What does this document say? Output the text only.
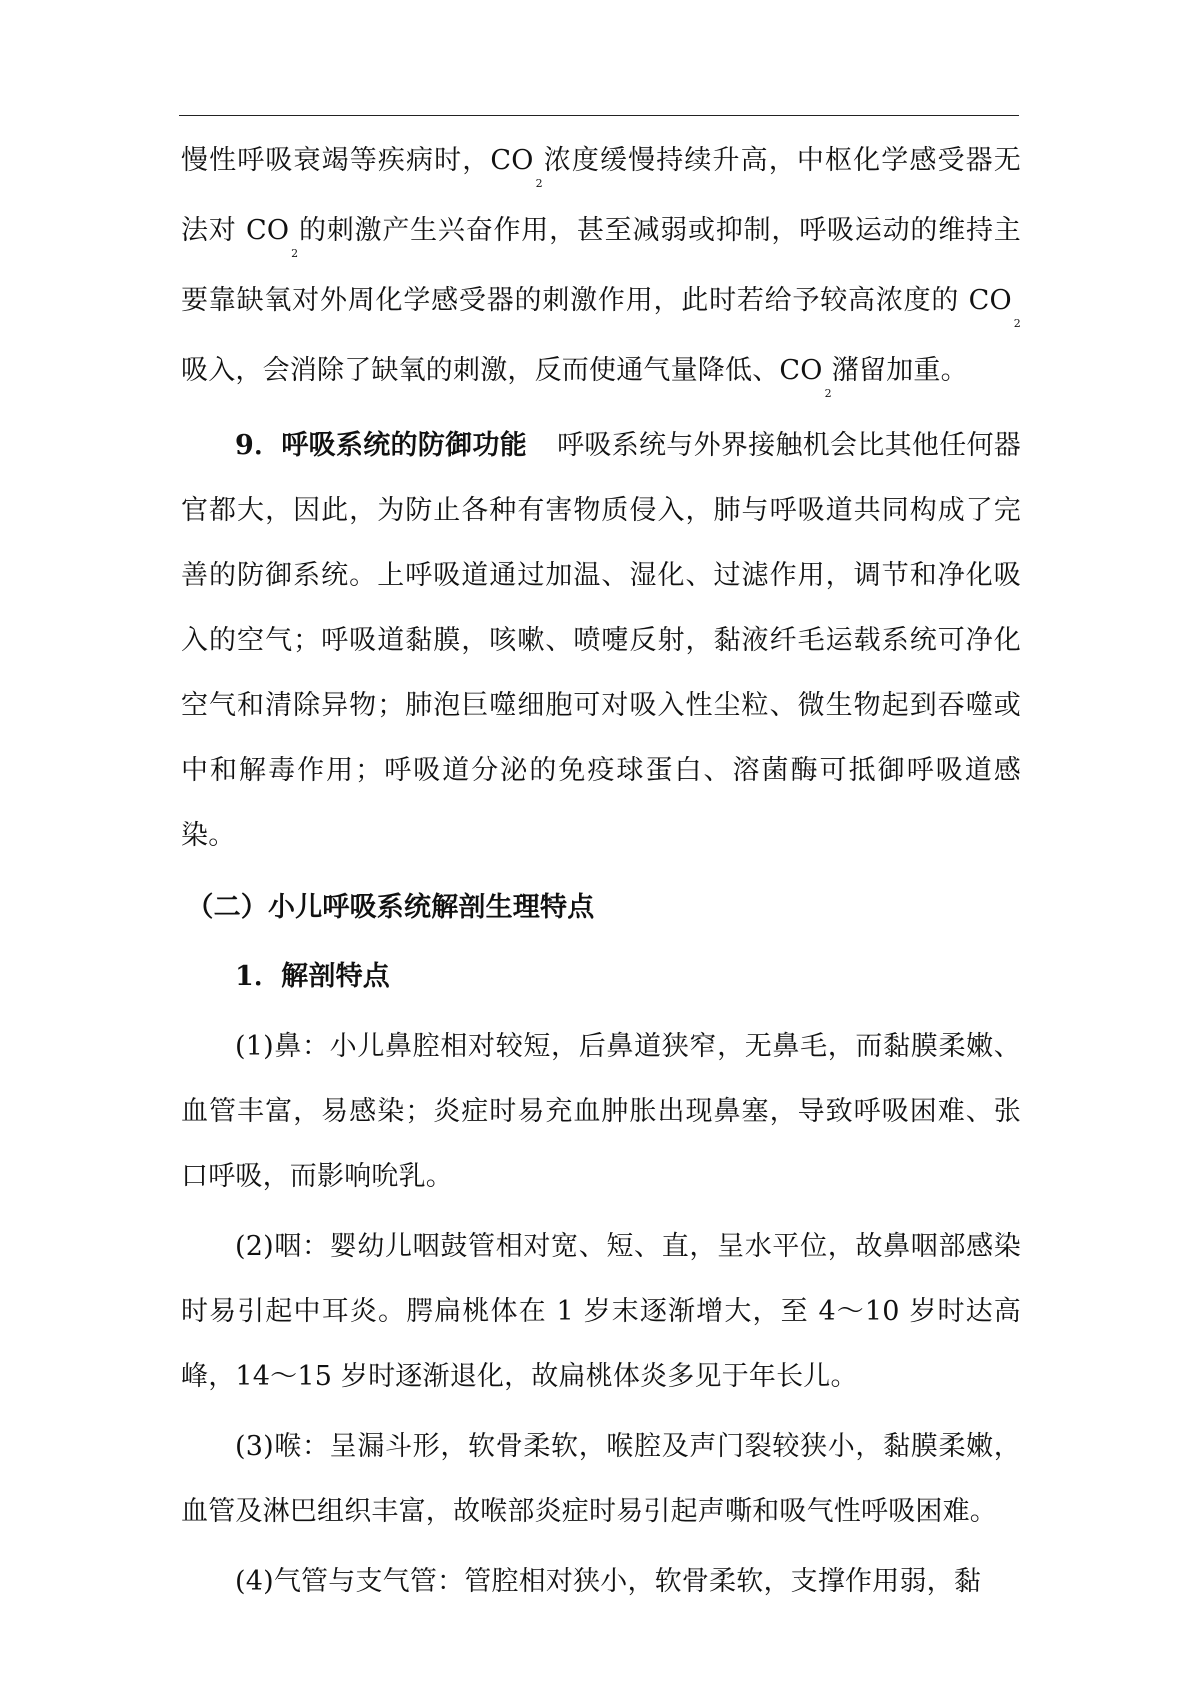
慢性呼吸衰竭等疾病时，$CO_2$浓度缓慢持续升高，中枢化学感受器无法对 $CO_2$的刺激产生兴奋作用，甚至减弱或抑制，呼吸运动的维持主要靠缺氧对外周化学感受器的刺激作用，此时若给予较高浓度的 $CO_2$吸入，会消除了缺氧的刺激，反而使通气量降低、$CO_2$潴留加重。

9．呼吸系统的防御功能 呼吸系统与外界接触机会比其他任何器官都大，因此，为防止各种有害物质侵入，肺与呼吸道共同构成了完善的防御系统。上呼吸道通过加温、湿化、过滤作用，调节和净化吸入的空气；呼吸道黏膜，咳嗽、喷嚏反射，黏液纤毛运载系统可净化空气和清除异物；肺泡巨噬细胞可对吸入性尘粒、微生物起到吞噬或中和解毒作用；呼吸道分泌的免疫球蛋白、溶菌酶可抵御呼吸道感染。

（二）小儿呼吸系统解剖生理特点

1．解剖特点

(1)鼻：小儿鼻腔相对较短，后鼻道狭窄，无鼻毛，而黏膜柔嫩、血管丰富，易感染；炎症时易充血肿胀出现鼻塞，导致呼吸困难、张口呼吸，而影响吮乳。

(2)咽：婴幼儿咽鼓管相对宽、短、直，呈水平位，故鼻咽部感染时易引起中耳炎。腭扁桃体在 1 岁末逐渐增大，至 4～10 岁时达高峰，14～15 岁时逐渐退化，故扁桃体炎多见于年长儿。

(3)喉：呈漏斗形，软骨柔软，喉腔及声门裂较狭小，黏膜柔嫩，血管及淋巴组织丰富，故喉部炎症时易引起声嘶和吸气性呼吸困难。

(4)气管与支气管：管腔相对狭小，软骨柔软，支撑作用弱，黏
